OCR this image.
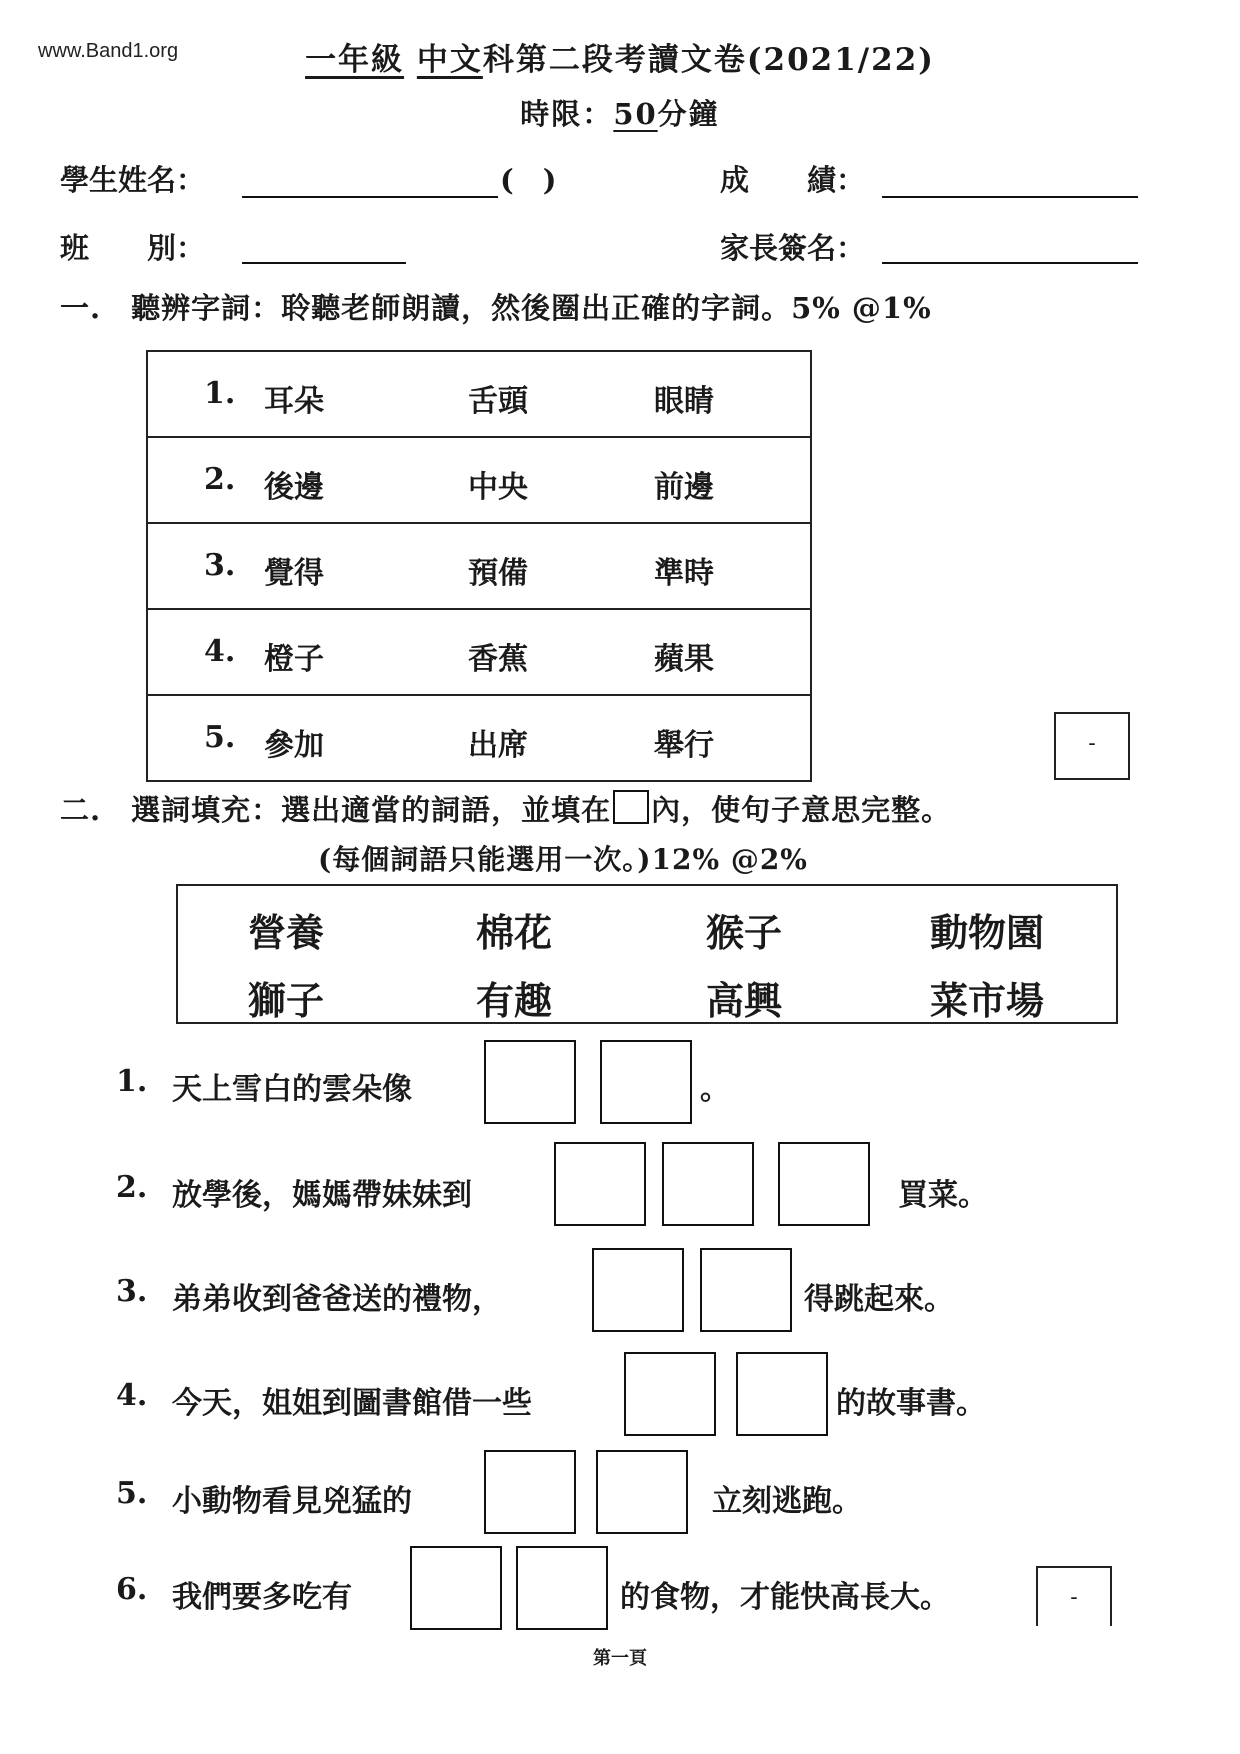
www.Band1.org	一年級 中文科第二段考讀文卷(2021/22)
時限：50分鐘
學生姓名：	(　)	成　　績：
班　　別：	家長簽名：
一.　聽辨字詞：聆聽老師朗讀，然後圈出正確的字詞。5% @1%
1. 耳朵	舌頭	眼睛
2. 後邊	中央	前邊
3. 覺得	預備	準時
4. 橙子	香蕉	蘋果
5. 參加	出席	舉行	-
二.　選詞填充：選出適當的詞語，並填在 內，使句子意思完整。
(每個詞語只能選用一次。)12% @2%
營養	棉花	猴子	動物園
獅子	有趣	高興	菜市場
1. 天上雪白的雲朵像	。
2. 放學後，媽媽帶妹妹到	買菜。
3. 弟弟收到爸爸送的禮物，	得跳起來。
4. 今天，姐姐到圖書館借一些	的故事書。
5. 小動物看見兇猛的	立刻逃跑。
6. 我們要多吃有	的食物，才能快高長大。	-
第一頁
